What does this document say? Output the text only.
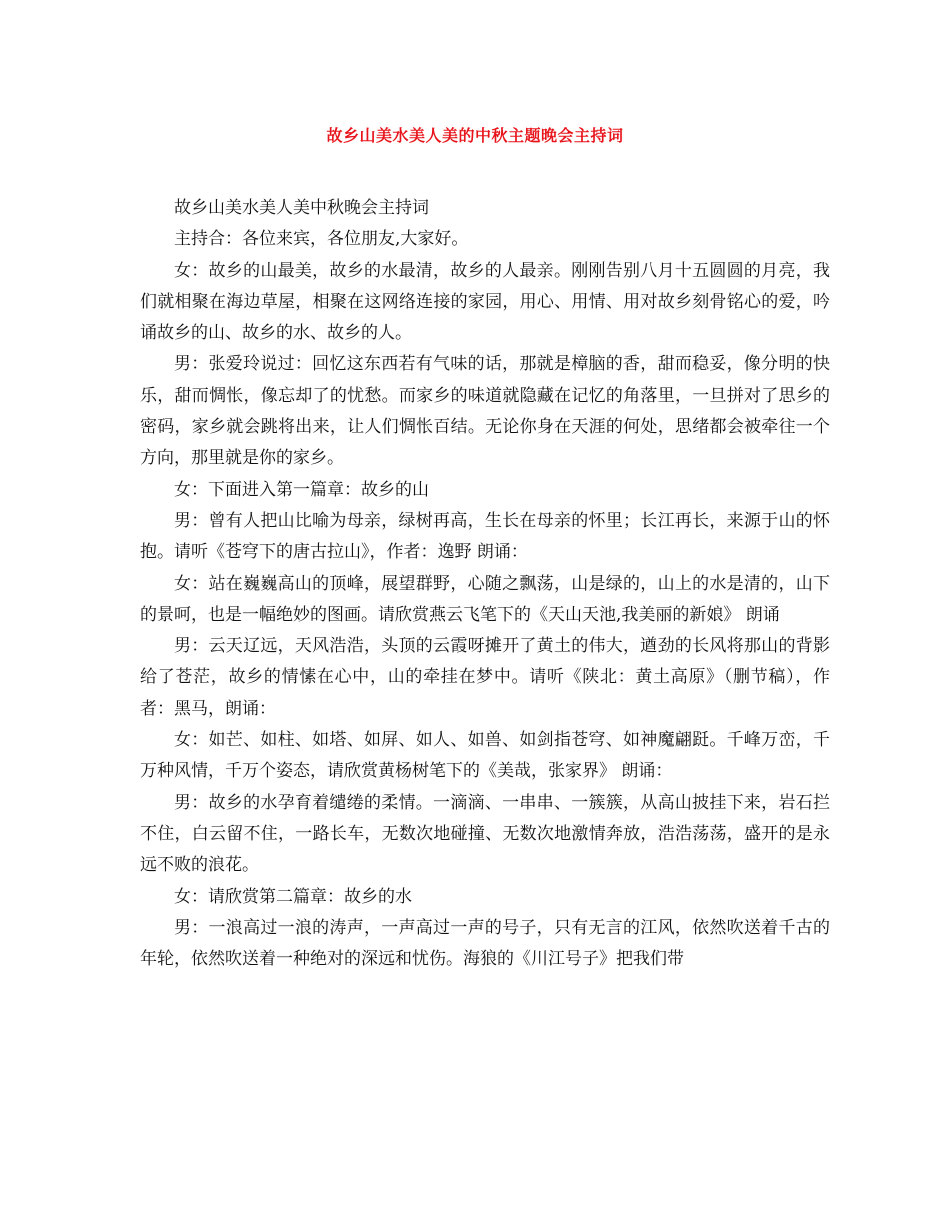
故乡山美水美人美的中秋主题晚会主持词

故乡山美水美人美中秋晚会主持词

主持合：各位来宾，各位朋友,大家好。

女：故乡的山最美，故乡的水最清，故乡的人最亲。刚刚告别八月十五圆圆的月亮，我们就相聚在海边草屋，相聚在这网络连接的家园，用心、用情、用对故乡刻骨铭心的爱，吟诵故乡的山、故乡的水、故乡的人。

男：张爱玲说过：回忆这东西若有气味的话，那就是樟脑的香，甜而稳妥，像分明的快乐，甜而惆怅，像忘却了的忧愁。而家乡的味道就隐藏在记忆的角落里，一旦拼对了思乡的密码，家乡就会跳将出来，让人们惆怅百结。无论你身在天涯的何处，思绪都会被牵往一个方向，那里就是你的家乡。

女：下面进入第一篇章：故乡的山

男：曾有人把山比喻为母亲，绿树再高，生长在母亲的怀里；长江再长，来源于山的怀抱。请听《苍穹下的唐古拉山》，作者：逸野 朗诵：

女：站在巍巍高山的顶峰，展望群野，心随之飘荡，山是绿的，山上的水是清的，山下的景呵，也是一幅绝妙的图画。请欣赏燕云飞笔下的《天山天池,我美丽的新娘》 朗诵

男：云天辽远，天风浩浩，头顶的云霞呀摊开了黄土的伟大，遒劲的长风将那山的背影给了苍茫，故乡的情愫在心中，山的牵挂在梦中。请听《陕北：黄土高原》（删节稿），作者：黑马，朗诵：

女：如芒、如柱、如塔、如屏、如人、如兽、如剑指苍穹、如神魔翩跹。千峰万峦，千万种风情，千万个姿态，请欣赏黄杨树笔下的《美哉，张家界》 朗诵：

男：故乡的水孕育着缱绻的柔情。一滴滴、一串串、一簇簇，从高山披挂下来，岩石拦不住，白云留不住，一路长车，无数次地碰撞、无数次地激情奔放，浩浩荡荡，盛开的是永远不败的浪花。

女：请欣赏第二篇章：故乡的水

男：一浪高过一浪的涛声，一声高过一声的号子，只有无言的江风，依然吹送着千古的年轮，依然吹送着一种绝对的深远和忧伤。海狼的《川江号子》把我们带
